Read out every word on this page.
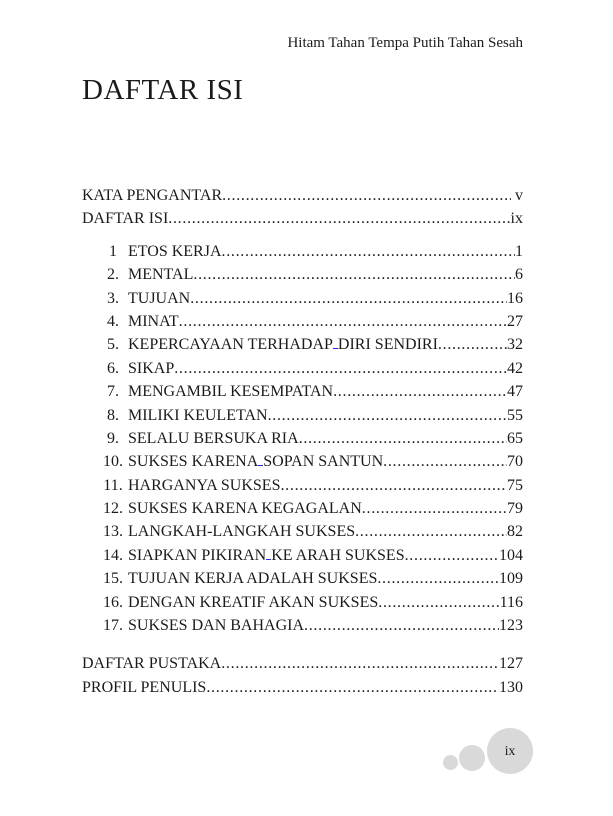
Hitam Tahan Tempa Putih Tahan Sesah
DAFTAR ISI
KATA PENGANTAR .....	v
DAFTAR ISI .....	ix
1 ETOS KERJA .....	1
2. MENTAL .....	6
3. TUJUAN .....	16
4. MINAT .....	27
5. KEPERCAYAAN TERHADAP DIRI SENDIRI .....	32
6. SIKAP .....	42
7. MENGAMBIL KESEMPATAN .....	47
8. MILIKI KEULETAN .....	55
9. SELALU BERSUKA RIA .....	65
10. SUKSES KARENA SOPAN SANTUN .....	70
11. HARGANYA SUKSES .....	75
12. SUKSES KARENA KEGAGALAN .....	79
13. LANGKAH-LANGKAH SUKSES .....	82
14. SIAPKAN PIKIRAN KE ARAH SUKSES .....	104
15. TUJUAN KERJA ADALAH SUKSES .....	109
16. DENGAN KREATIF AKAN SUKSES .....	116
17. SUKSES DAN BAHAGIA .....	123
DAFTAR PUSTAKA .....	127
PROFIL PENULIS .....	130
ix
